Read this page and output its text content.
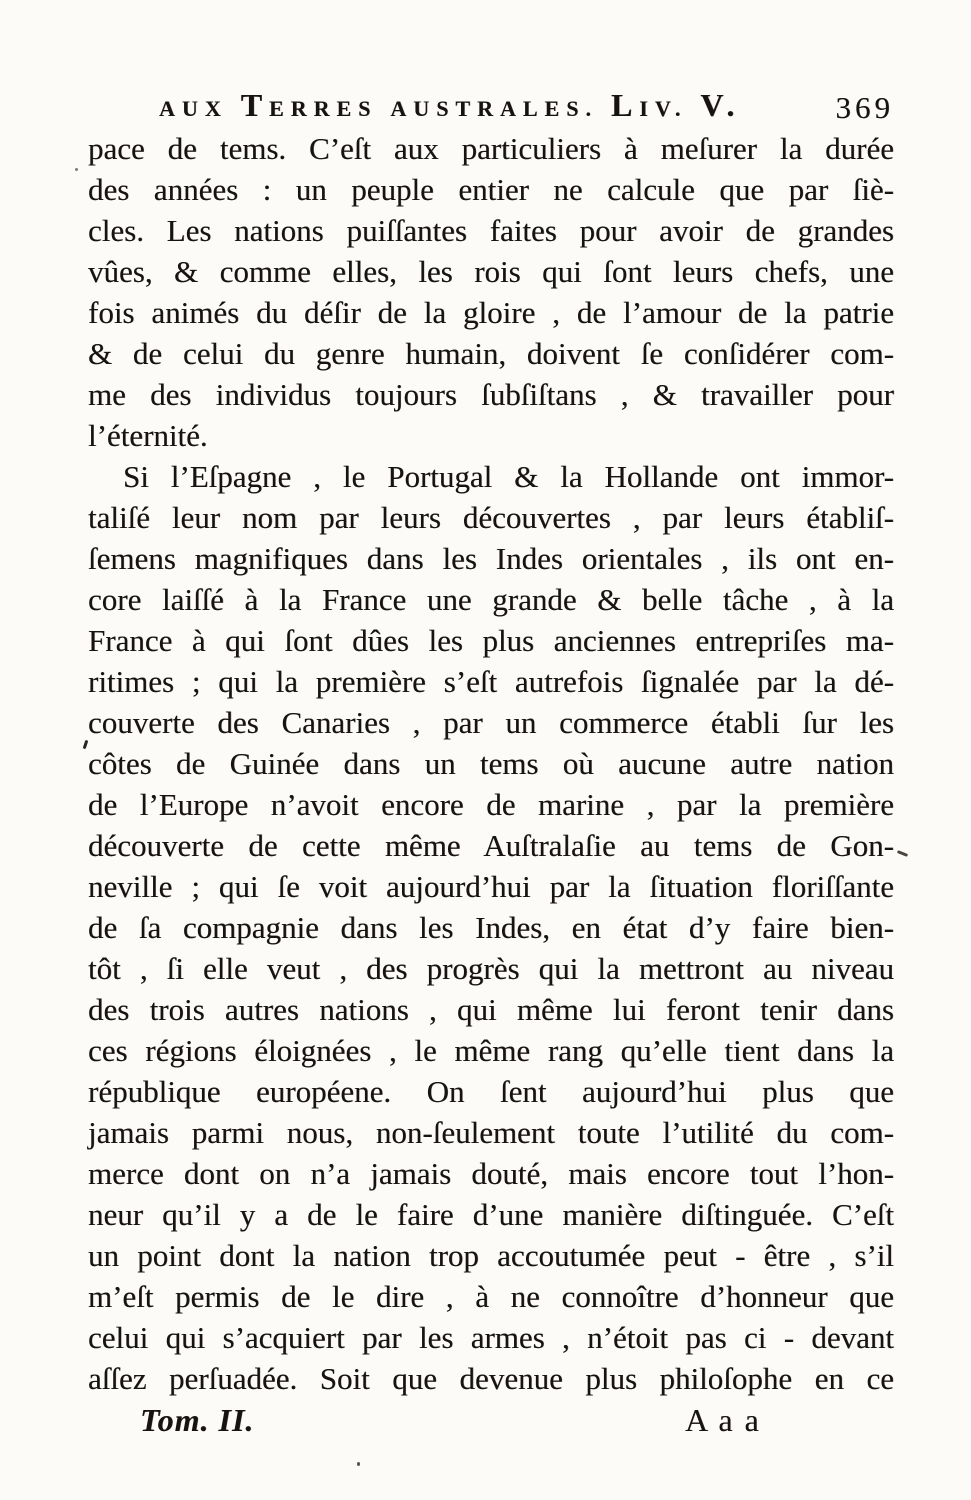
AUX TERRES AUSTRALES. LIV. V.	369
pace de tems. C’eſt aux particuliers à meſurer la durée
des années : un peuple entier ne calcule que par ſiè-
cles. Les nations puiſſantes faites pour avoir de grandes
vûes, & comme elles, les rois qui ſont leurs chefs, une
fois animés du déſir de la gloire , de l’amour de la patrie
& de celui du genre humain, doivent ſe conſidérer com-
me des individus toujours ſubſiſtans , & travailler pour
l’éternité.
Si l’Eſpagne , le Portugal & la Hollande ont immor-
taliſé leur nom par leurs découvertes , par leurs établiſ-
ſemens magnifiques dans les Indes orientales , ils ont en-
core laiſſé à la France une grande & belle tâche , à la
France à qui ſont dûes les plus anciennes entrepriſes ma-
ritimes ; qui la première s’eſt autrefois ſignalée par la dé-
couverte des Canaries , par un commerce établi ſur les
côtes de Guinée dans un tems où aucune autre nation
de l’Europe n’avoit encore de marine , par la première
découverte de cette même Auſtralaſie au tems de Gon-
neville ; qui ſe voit aujourd’hui par la ſituation floriſſante
de ſa compagnie dans les Indes, en état d’y faire bien-
tôt , ſi elle veut , des progrès qui la mettront au niveau
des trois autres nations , qui même lui feront tenir dans
ces régions éloignées , le même rang qu’elle tient dans la
république européene. On ſent aujourd’hui plus que
jamais parmi nous, non-ſeulement toute l’utilité du com-
merce dont on n’a jamais douté, mais encore tout l’hon-
neur qu’il y a de le faire d’une manière diſtinguée. C’eſt
un point dont la nation trop accoutumée peut - être , s’il
m’eſt permis de le dire , à ne connoître d’honneur que
celui qui s’acquiert par les armes , n’étoit pas ci - devant
aſſez perſuadée. Soit que devenue plus philoſophe en ce
Tom. II.	A a a
